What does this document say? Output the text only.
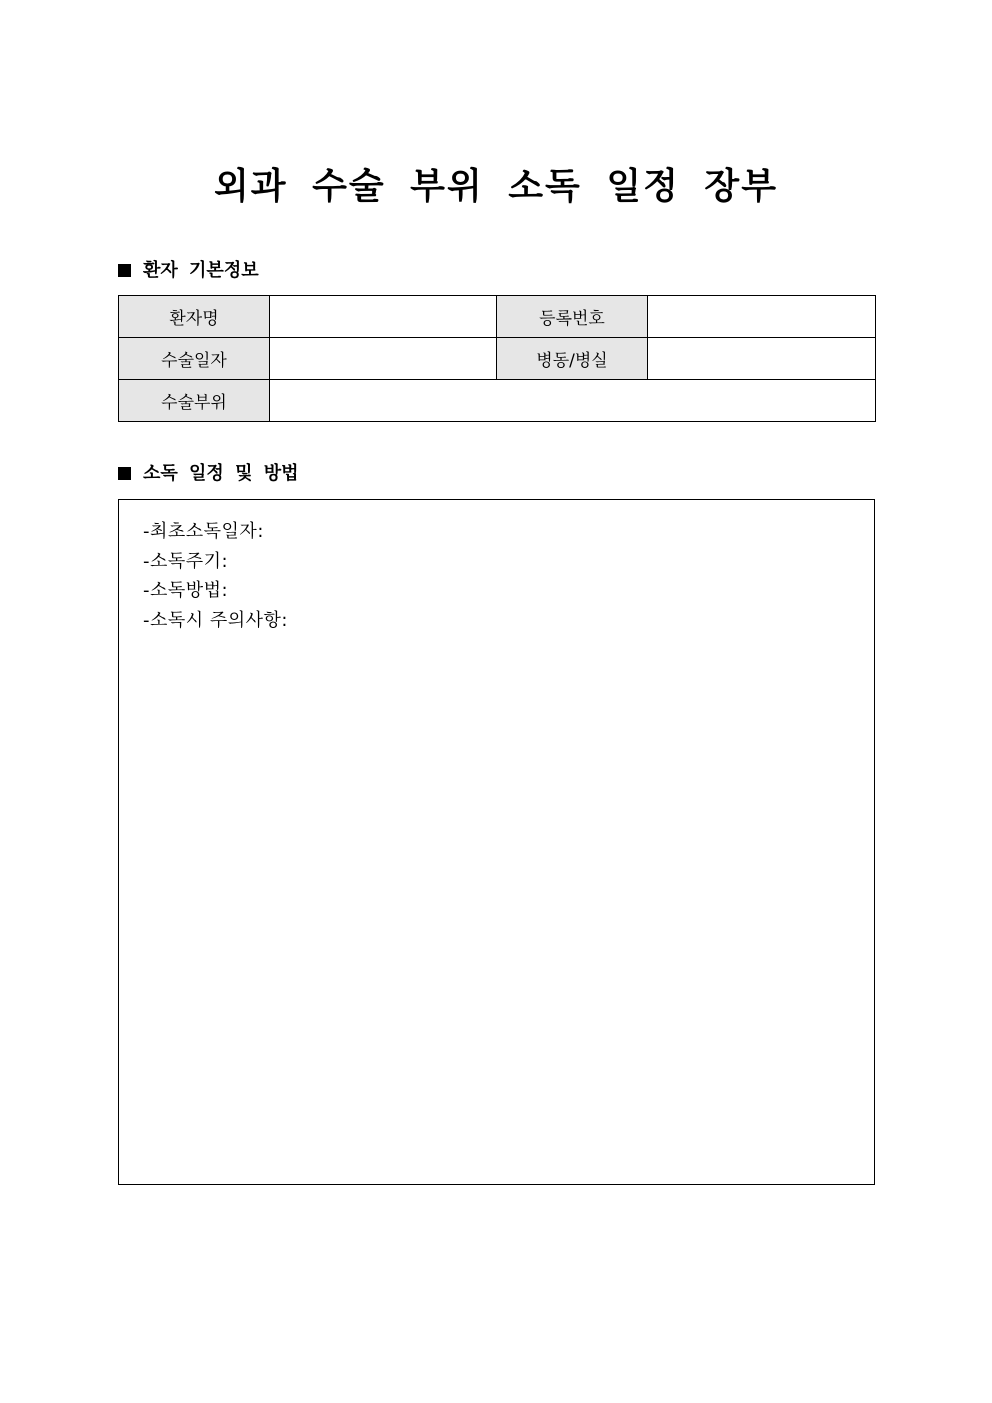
외과 수술 부위 소독 일정 장부
환자 기본정보
환자명		등록번호	
수술일자		병동/병실	
수술부위			
소독 일정 및 방법
-최초소독일자:
-소독주기:
-소독방법:
-소독시 주의사항:
